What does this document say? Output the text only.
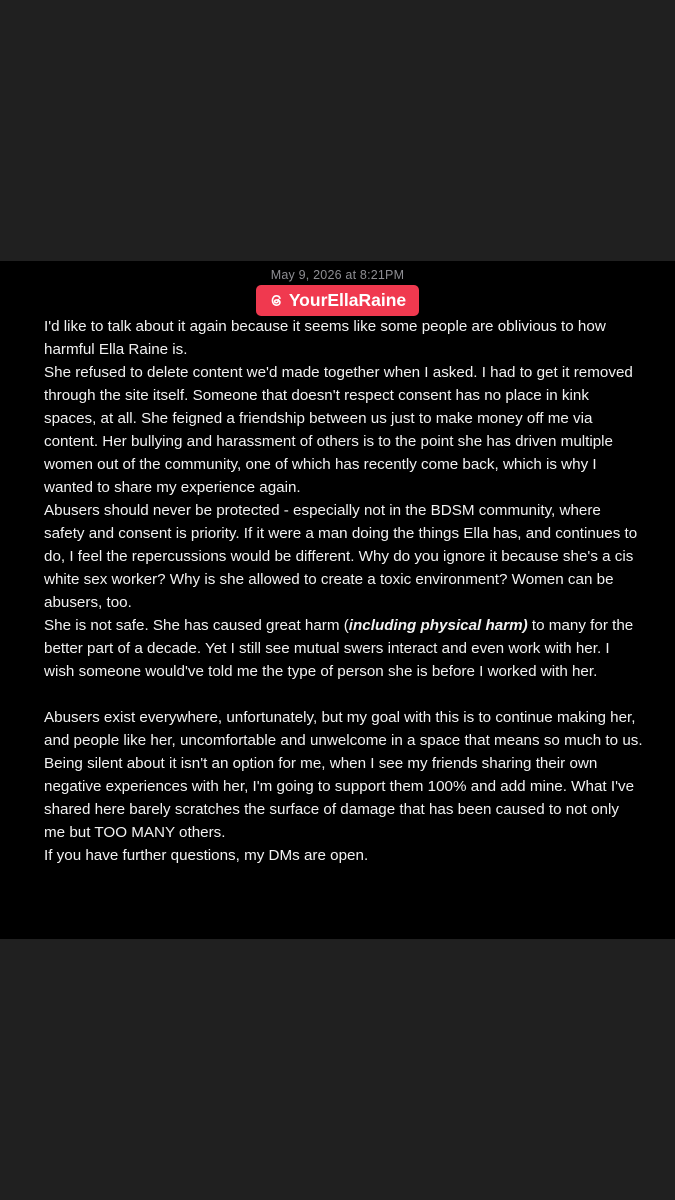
May 9, 2026 at 8:21PM
YourEllaRaine

I'd like to talk about it again because it seems like some people are oblivious to how harmful Ella Raine is.

She refused to delete content we'd made together when I asked. I had to get it removed through the site itself. Someone that doesn't respect consent has no place in kink spaces, at all. She feigned a friendship between us just to make money off me via content. Her bullying and harassment of others is to the point she has driven multiple women out of the community, one of which has recently come back, which is why I wanted to share my experience again.

Abusers should never be protected - especially not in the BDSM community, where safety and consent is priority. If it were a man doing the things Ella has, and continues to do, I feel the repercussions would be different. Why do you ignore it because she's a cis white sex worker? Why is she allowed to create a toxic environment? Women can be abusers, too.

She is not safe. She has caused great harm (including physical harm) to many for the better part of a decade. Yet I still see mutual swers interact and even work with her. I wish someone would've told me the type of person she is before I worked with her.

Abusers exist everywhere, unfortunately, but my goal with this is to continue making her, and people like her, uncomfortable and unwelcome in a space that means so much to us. Being silent about it isn't an option for me, when I see my friends sharing their own negative experiences with her, I'm going to support them 100% and add mine. What I've shared here barely scratches the surface of damage that has been caused to not only me but TOO MANY others.

If you have further questions, my DMs are open.
